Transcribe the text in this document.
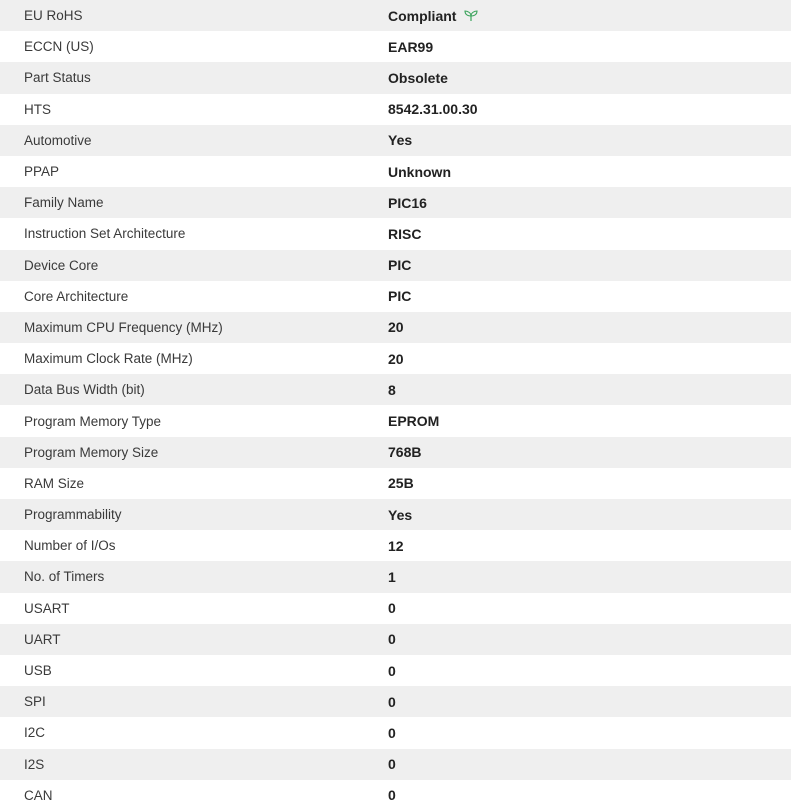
EU RoHS	Compliant
ECCN (US)	EAR99
Part Status	Obsolete
HTS	8542.31.00.30
Automotive	Yes
PPAP	Unknown
Family Name	PIC16
Instruction Set Architecture	RISC
Device Core	PIC
Core Architecture	PIC
Maximum CPU Frequency (MHz)	20
Maximum Clock Rate (MHz)	20
Data Bus Width (bit)	8
Program Memory Type	EPROM
Program Memory Size	768B
RAM Size	25B
Programmability	Yes
Number of I/Os	12
No. of Timers	1
USART	0
UART	0
USB	0
SPI	0
I2C	0
I2S	0
CAN	0
